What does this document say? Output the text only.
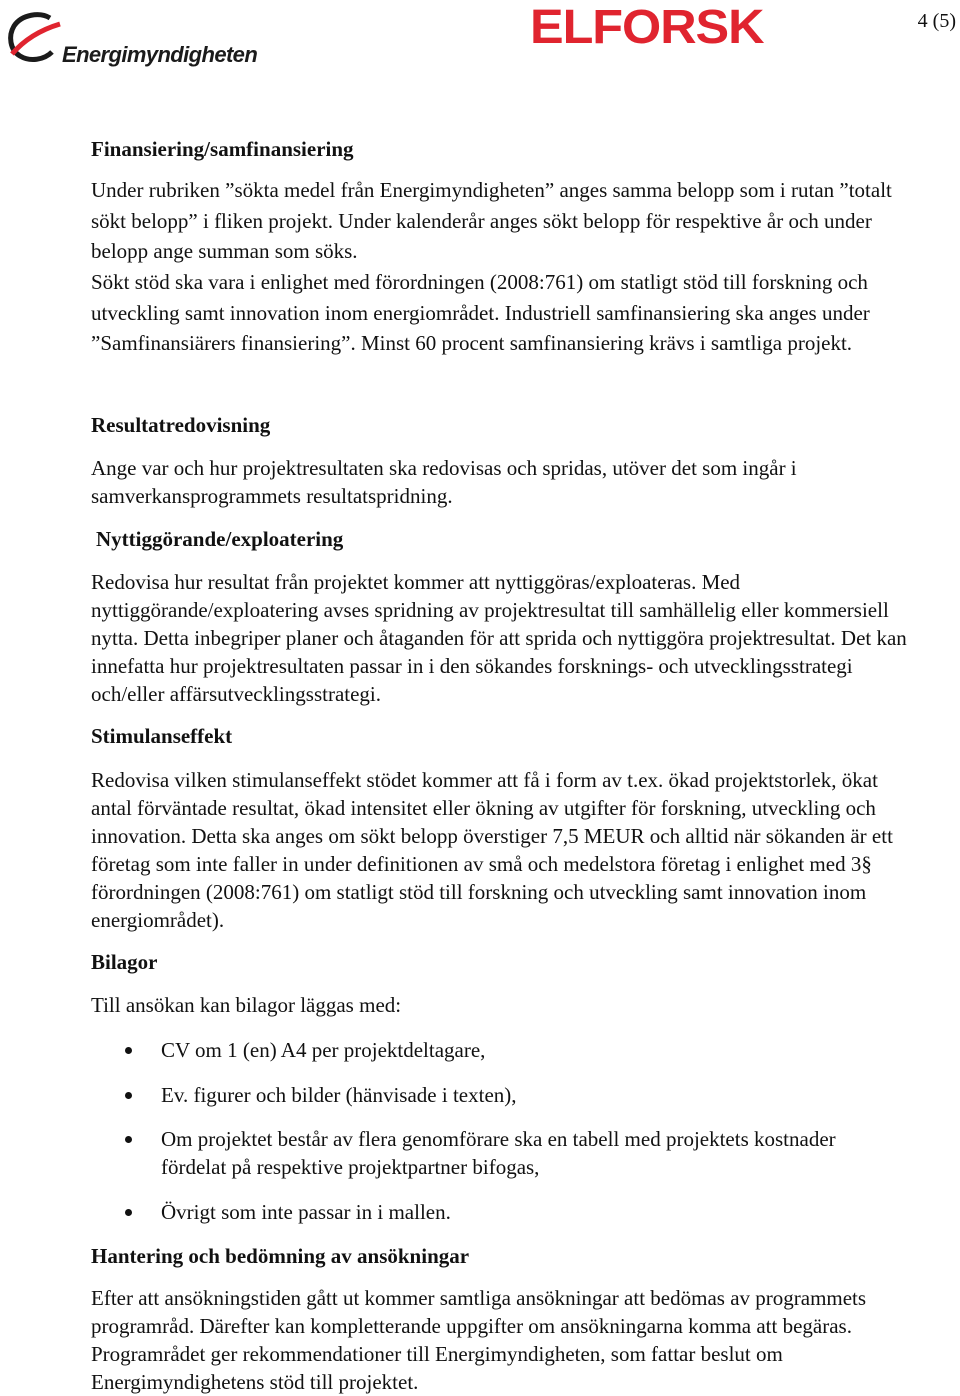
Energimyndigheten
ELFORSK	4 (5)
Finansiering/samfinansiering
Under rubriken ”sökta medel från Energimyndigheten” anges samma belopp som i rutan ”totalt sökt belopp” i fliken projekt. Under kalenderår anges sökt belopp för respektive år och under belopp ange summan som söks.
Sökt stöd ska vara i enlighet med förordningen (2008:761) om statligt stöd till forskning och utveckling samt innovation inom energiområdet. Industriell samfinansiering ska anges under ”Samfinansiärers finansiering”. Minst 60 procent samfinansiering krävs i samtliga projekt.
Resultatredovisning
Ange var och hur projektresultaten ska redovisas och spridas, utöver det som ingår i samverkansprogrammets resultatspridning.
Nyttiggörande/exploatering
Redovisa hur resultat från projektet kommer att nyttiggöras/exploateras. Med nyttiggörande/exploatering avses spridning av projektresultat till samhällelig eller kommersiell nytta. Detta inbegriper planer och åtaganden för att sprida och nyttiggöra projektresultat. Det kan innefatta hur projektresultaten passar in i den sökandes forsknings- och utvecklingsstrategi och/eller affärsutvecklingsstrategi.
Stimulanseffekt
Redovisa vilken stimulanseffekt stödet kommer att få i form av t.ex. ökad projektstorlek, ökat antal förväntade resultat, ökad intensitet eller ökning av utgifter för forskning, utveckling och innovation. Detta ska anges om sökt belopp överstiger 7,5 MEUR och alltid när sökanden är ett företag som inte faller in under definitionen av små och medelstora företag i enlighet med 3§ förordningen (2008:761) om statligt stöd till forskning och utveckling samt innovation inom energiområdet).
Bilagor
Till ansökan kan bilagor läggas med:
CV om 1 (en) A4 per projektdeltagare,
Ev. figurer och bilder (hänvisade i texten),
Om projektet består av flera genomförare ska en tabell med projektets kostnader fördelat på respektive projektpartner bifogas,
Övrigt som inte passar in i mallen.
Hantering och bedömning av ansökningar
Efter att ansökningstiden gått ut kommer samtliga ansökningar att bedömas av programmets programråd. Därefter kan kompletterande uppgifter om ansökningarna komma att begäras. Programrådet ger rekommendationer till Energimyndigheten, som fattar beslut om Energimyndighetens stöd till projektet.
